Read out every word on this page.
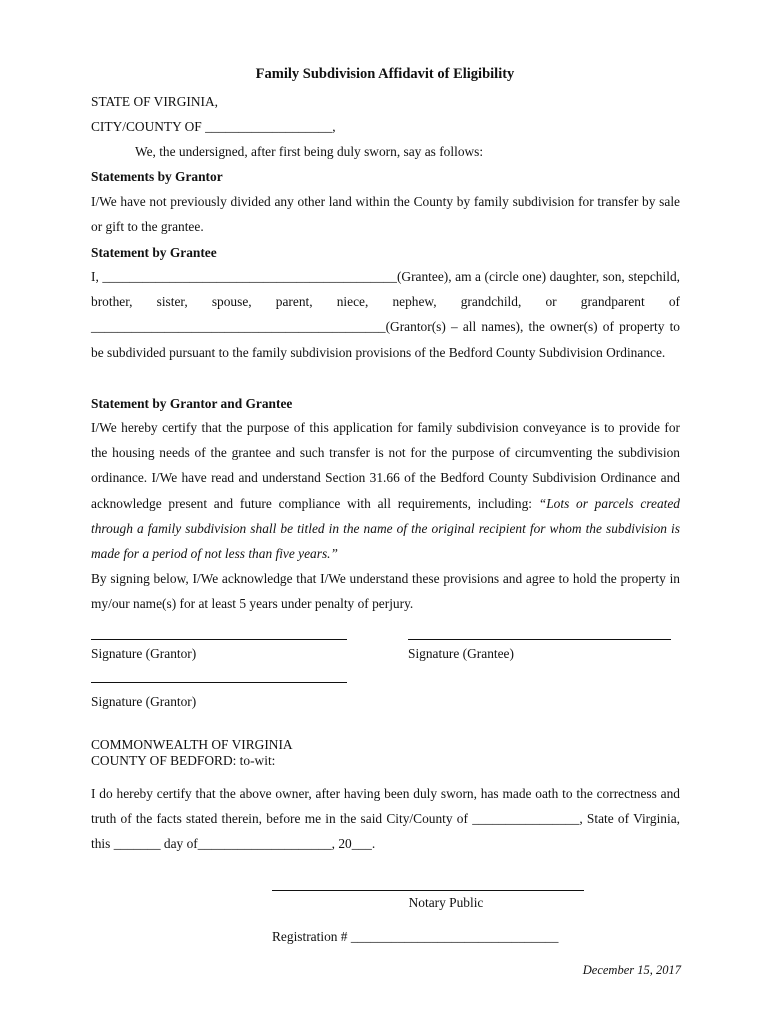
Family Subdivision Affidavit of Eligibility
STATE OF VIRGINIA,
CITY/COUNTY OF ___________________,
We, the undersigned, after first being duly sworn, say as follows:
Statements by Grantor
I/We have not previously divided any other land within the County by family subdivision for transfer by sale or gift to the grantee.
Statement by Grantee
I, ____________________________________________(Grantee), am a (circle one) daughter, son, stepchild, brother, sister, spouse, parent, niece, nephew, grandchild, or grandparent of ____________________________________________(Grantor(s) – all names), the owner(s) of property to be subdivided pursuant to the family subdivision provisions of the Bedford County Subdivision Ordinance.
Statement by Grantor and Grantee
I/We hereby certify that the purpose of this application for family subdivision conveyance is to provide for the housing needs of the grantee and such transfer is not for the purpose of circumventing the subdivision ordinance. I/We have read and understand Section 31.66 of the Bedford County Subdivision Ordinance and acknowledge present and future compliance with all requirements, including: “Lots or parcels created through a family subdivision shall be titled in the name of the original recipient for whom the subdivision is made for a period of not less than five years.”
By signing below, I/We acknowledge that I/We understand these provisions and agree to hold the property in my/our name(s) for at least 5 years under penalty of perjury.
Signature (Grantor)	Signature (Grantee)
Signature (Grantor)
COMMONWEALTH OF VIRGINIA
COUNTY OF BEDFORD: to-wit:
I do hereby certify that the above owner, after having been duly sworn, has made oath to the correctness and truth of the facts stated therein, before me in the said City/County of ________________, State of Virginia, this _______ day of____________________, 20___.
Notary Public
Registration # _______________________________
December 15, 2017
